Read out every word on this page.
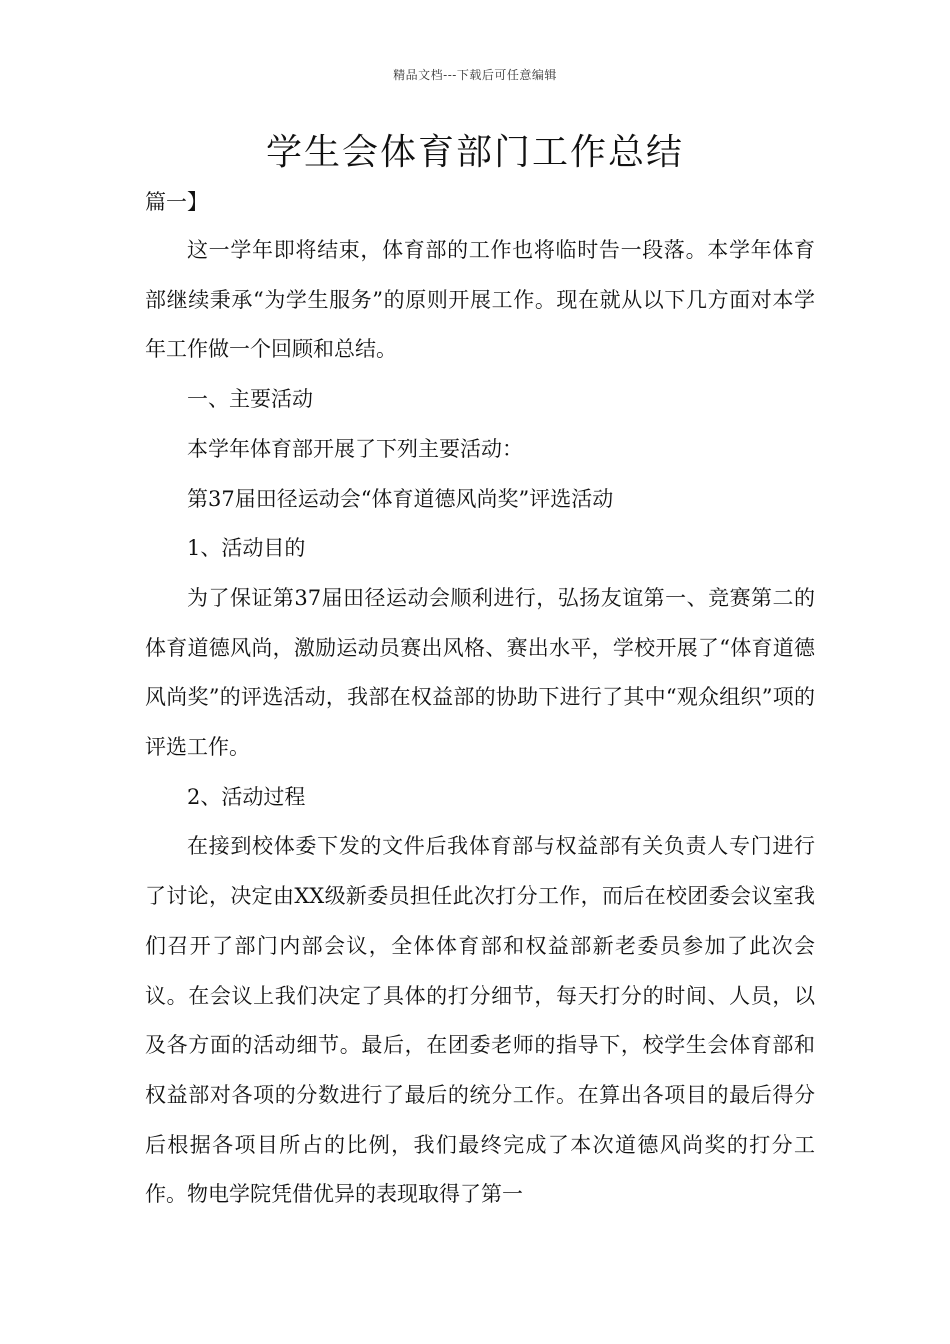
精品文档---下载后可任意编辑
学生会体育部门工作总结
篇一】

这一学年即将结束，体育部的工作也将临时告一段落。本学年体育部继续秉承“为学生服务”的原则开展工作。现在就从以下几方面对本学年工作做一个回顾和总结。

一、主要活动

本学年体育部开展了下列主要活动：

第37届田径运动会“体育道德风尚奖”评选活动

1、活动目的

为了保证第37届田径运动会顺利进行，弘扬友谊第一、竞赛第二的体育道德风尚，激励运动员赛出风格、赛出水平，学校开展了“体育道德风尚奖”的评选活动，我部在权益部的协助下进行了其中“观众组织”项的评选工作。

2、活动过程

在接到校体委下发的文件后我体育部与权益部有关负责人专门进行了讨论，决定由XX级新委员担任此次打分工作，而后在校团委会议室我们召开了部门内部会议，全体体育部和权益部新老委员参加了此次会议。在会议上我们决定了具体的打分细节，每天打分的时间、人员，以及各方面的活动细节。最后，在团委老师的指导下，校学生会体育部和权益部对各项的分数进行了最后的统分工作。在算出各项目的最后得分后根据各项目所占的比例，我们最终完成了本次道德风尚奖的打分工作。物电学院凭借优异的表现取得了第一
